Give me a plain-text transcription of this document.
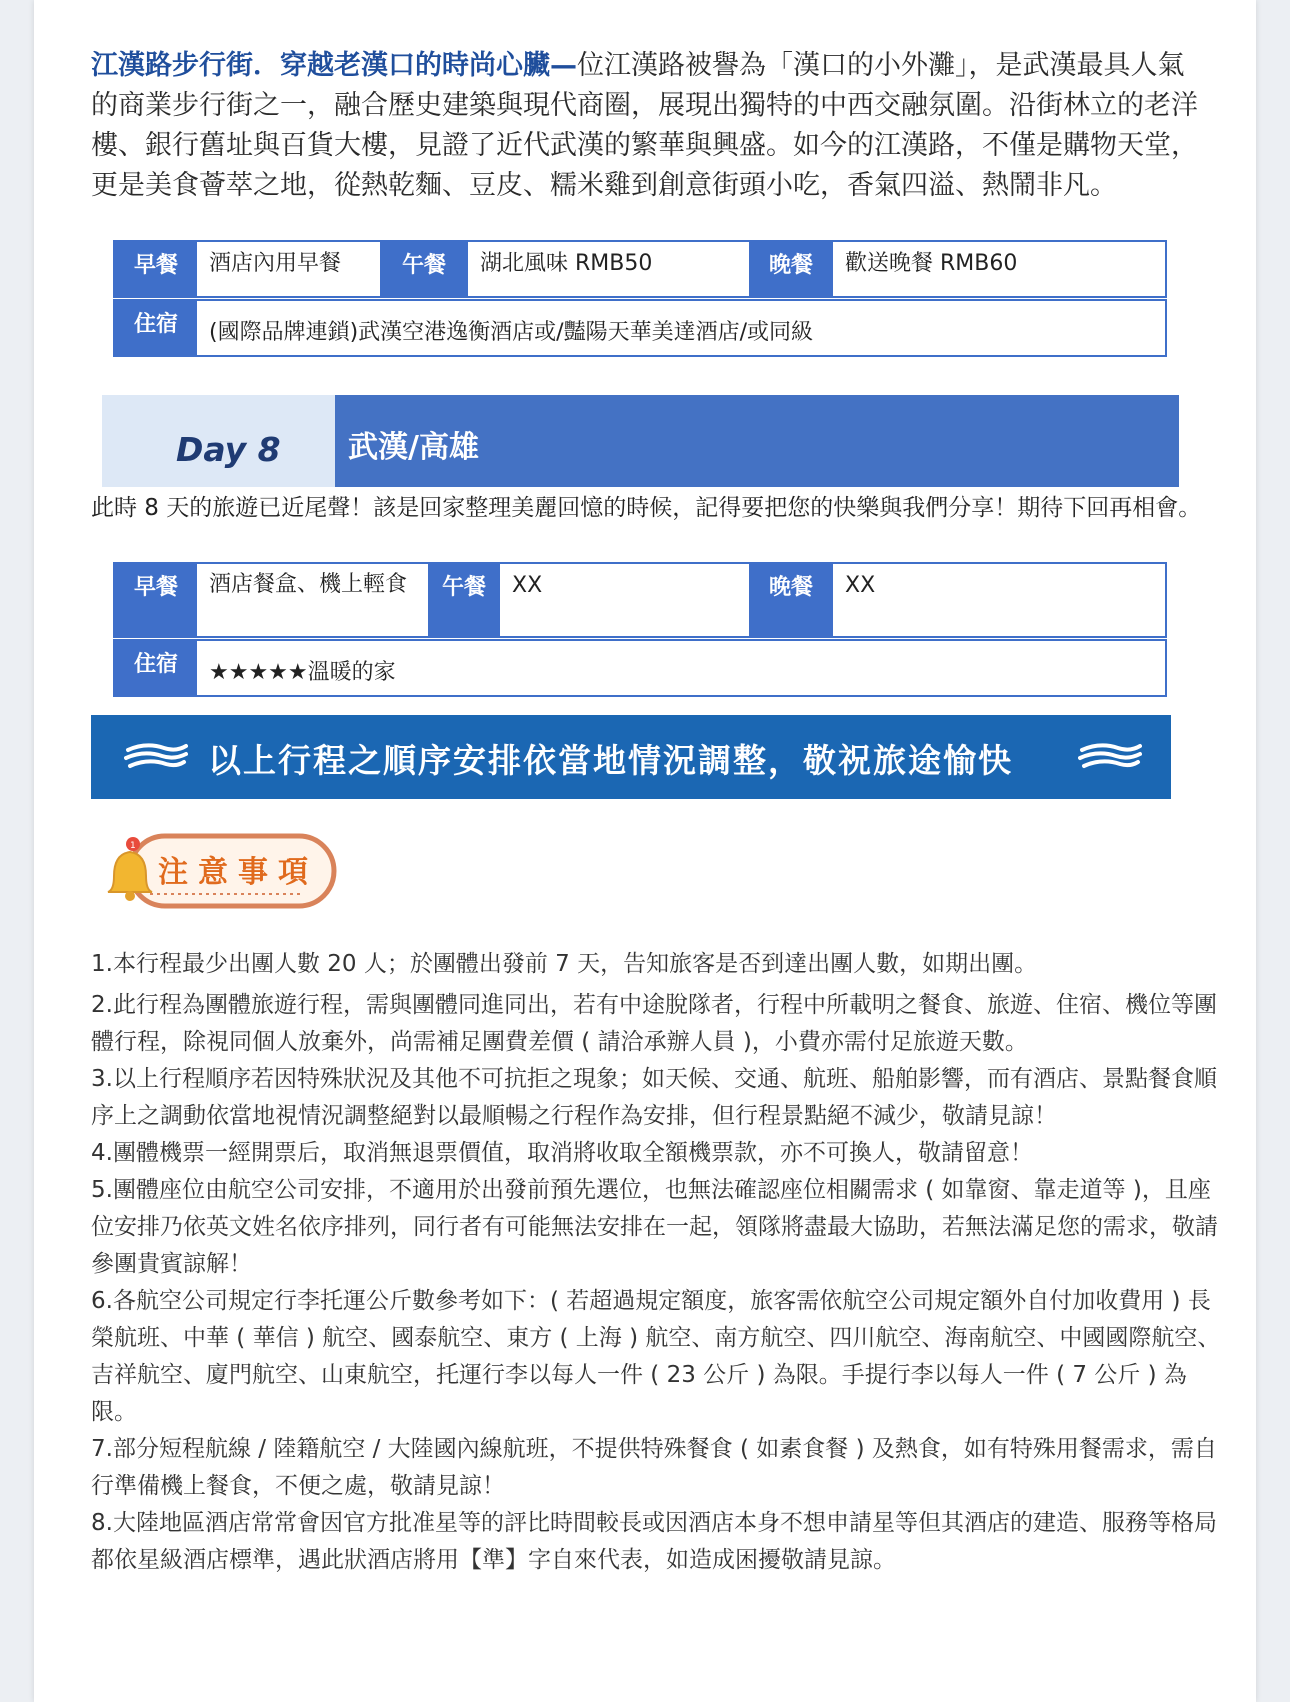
江漢路步行街．穿越老漢口的時尚心臟—位江漢路被譽為「漢口的小外灘」，是武漢最具人氣的商業步行街之一，融合歷史建築與現代商圈，展現出獨特的中西交融氛圍。沿街林立的老洋樓、銀行舊址與百貨大樓，見證了近代武漢的繁華與興盛。如今的江漢路，不僅是購物天堂，更是美食薈萃之地，從熱乾麵、豆皮、糯米雞到創意街頭小吃，香氣四溢、熱鬧非凡。
早餐	酒店內用早餐	午餐	湖北風味 RMB50	晚餐	歡送晚餐 RMB60
住宿	(國際品牌連鎖)武漢空港逸衡酒店或/豔陽天華美達酒店/或同級
Day 8 武漢/高雄
此時 8 天的旅遊已近尾聲！該是回家整理美麗回憶的時候，記得要把您的快樂與我們分享！期待下回再相會。
早餐	酒店餐盒、機上輕食	午餐	XX	晚餐	XX
住宿	★★★★★溫暖的家
以上行程之順序安排依當地情況調整，敬祝旅途愉快
1
注意事項

1.本行程最少出團人數 20 人；於團體出發前 7 天，告知旅客是否到達出團人數，如期出團。

2.此行程為團體旅遊行程，需與團體同進同出，若有中途脫隊者，行程中所載明之餐食、旅遊、住宿、機位等團體行程，除視同個人放棄外，尚需補足團費差價 ( 請洽承辦人員 )，小費亦需付足旅遊天數。

3.以上行程順序若因特殊狀況及其他不可抗拒之現象；如天候、交通、航班、船舶影響，而有酒店、景點餐食順序上之調動依當地視情況調整絕對以最順暢之行程作為安排，但行程景點絕不減少，敬請見諒！

4.團體機票一經開票后，取消無退票價值，取消將收取全額機票款，亦不可換人，敬請留意！

5.團體座位由航空公司安排，不適用於出發前預先選位，也無法確認座位相關需求 ( 如靠窗、靠走道等 )，且座位安排乃依英文姓名依序排列，同行者有可能無法安排在一起，領隊將盡最大協助，若無法滿足您的需求，敬請參團貴賓諒解！

6.各航空公司規定行李托運公斤數參考如下：( 若超過規定額度，旅客需依航空公司規定額外自付加收費用 ) 長榮航班、中華 ( 華信 ) 航空、國泰航空、東方 ( 上海 ) 航空、南方航空、四川航空、海南航空、中國國際航空、吉祥航空、廈門航空、山東航空，托運行李以每人一件 ( 23 公斤 ) 為限。手提行李以每人一件 ( 7 公斤 ) 為限。

7.部分短程航線 / 陸籍航空 / 大陸國內線航班，不提供特殊餐食 ( 如素食餐 ) 及熱食，如有特殊用餐需求，需自行準備機上餐食，不便之處，敬請見諒！

8.大陸地區酒店常常會因官方批准星等的評比時間較長或因酒店本身不想申請星等但其酒店的建造、服務等格局都依星級酒店標準，遇此狀酒店將用【準】字自來代表，如造成困擾敬請見諒。
